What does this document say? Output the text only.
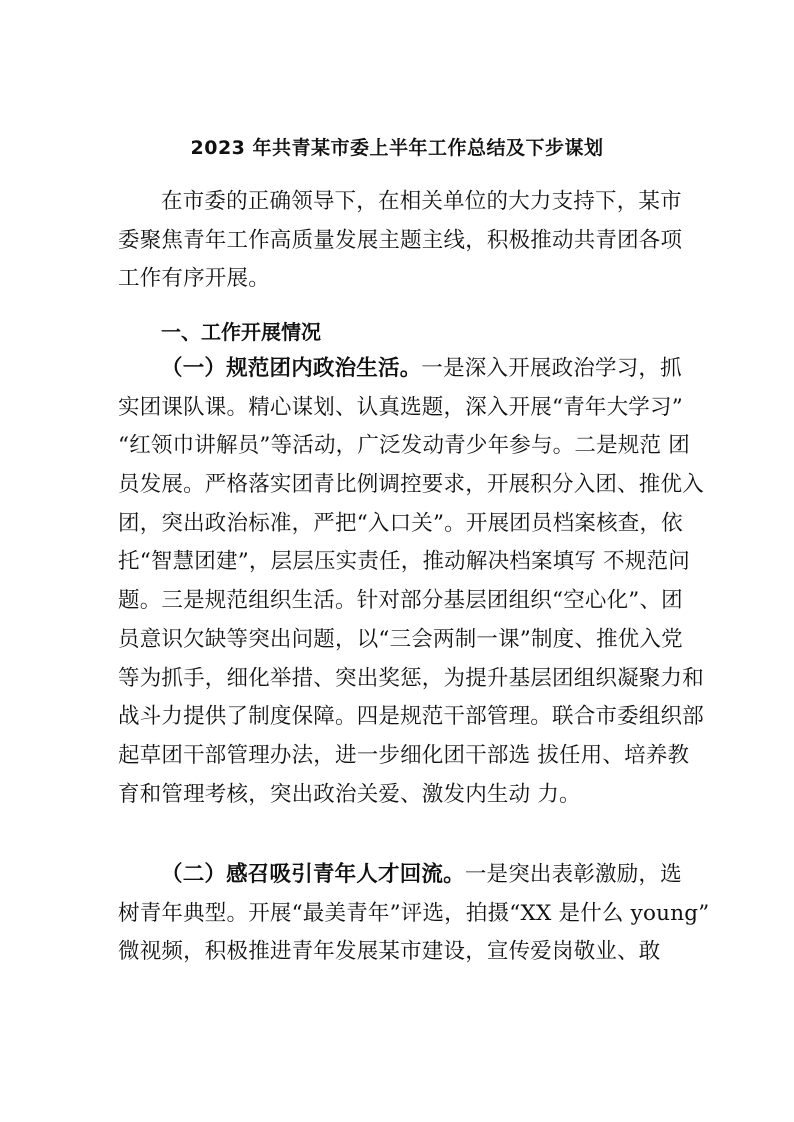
2023 年共青某市委上半年工作总结及下步谋划
在市委的正确领导下，在相关单位的大力支持下，某市
委聚焦青年工作高质量发展主题主线，积极推动共青团各项
工作有序开展。
一、工作开展情况
（一）规范团内政治生活。一是深入开展政治学习，抓
实团课队课。精心谋划、认真选题，深入开展“青年大学习”
“红领巾讲解员”等活动，广泛发动青少年参与。二是规范 团
员发展。严格落实团青比例调控要求，开展积分入团、推优入
团，突出政治标准，严把“入口关”。开展团员档案核查，依
托“智慧团建”，层层压实责任，推动解决档案填写 不规范问
题。三是规范组织生活。针对部分基层团组织“空心化”、团
员意识欠缺等突出问题，以“三会两制一课”制度、推优入党
等为抓手，细化举措、突出奖惩，为提升基层团组织凝聚力和
战斗力提供了制度保障。四是规范干部管理。联合市委组织部
起草团干部管理办法，进一步细化团干部选 拔任用、培养教
育和管理考核，突出政治关爱、激发内生动 力。
（二）感召吸引青年人才回流。一是突出表彰激励，选
树青年典型。开展“最美青年”评选，拍摄“XX 是什么 young”
微视频，积极推进青年发展某市建设，宣传爱岗敬业、敢
